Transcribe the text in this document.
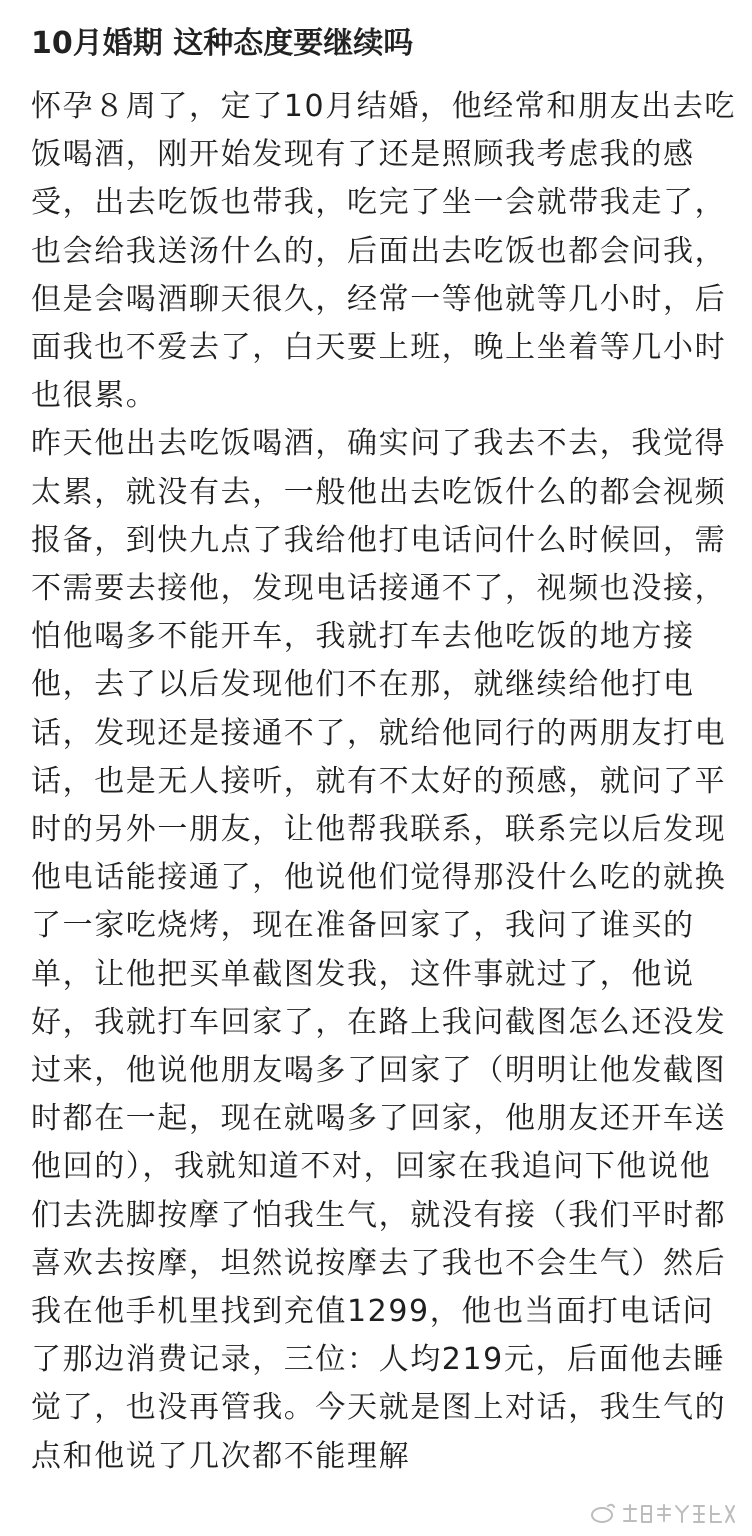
10月婚期 这种态度要继续吗
怀孕８周了，定了10月结婚，他经常和朋友出去吃
饭喝酒，刚开始发现有了还是照顾我考虑我的感
受，出去吃饭也带我，吃完了坐一会就带我走了，
也会给我送汤什么的，后面出去吃饭也都会问我，
但是会喝酒聊天很久，经常一等他就等几小时，后
面我也不爱去了，白天要上班，晚上坐着等几小时
也很累。
昨天他出去吃饭喝酒，确实问了我去不去，我觉得
太累，就没有去，一般他出去吃饭什么的都会视频
报备，到快九点了我给他打电话问什么时候回，需
不需要去接他，发现电话接通不了，视频也没接，
怕他喝多不能开车，我就打车去他吃饭的地方接
他，去了以后发现他们不在那，就继续给他打电
话，发现还是接通不了，就给他同行的两朋友打电
话，也是无人接听，就有不太好的预感，就问了平
时的另外一朋友，让他帮我联系，联系完以后发现
他电话能接通了，他说他们觉得那没什么吃的就换
了一家吃烧烤，现在准备回家了，我问了谁买的
单，让他把买单截图发我，这件事就过了，他说
好，我就打车回家了，在路上我问截图怎么还没发
过来，他说他朋友喝多了回家了（明明让他发截图
时都在一起，现在就喝多了回家，他朋友还开车送
他回的），我就知道不对，回家在我追问下他说他
们去洗脚按摩了怕我生气，就没有接（我们平时都
喜欢去按摩，坦然说按摩去了我也不会生气）然后
我在他手机里找到充值1299，他也当面打电话问
了那边消费记录，三位：人均219元，后面他去睡
觉了，也没再管我。今天就是图上对话，我生气的
点和他说了几次都不能理解
